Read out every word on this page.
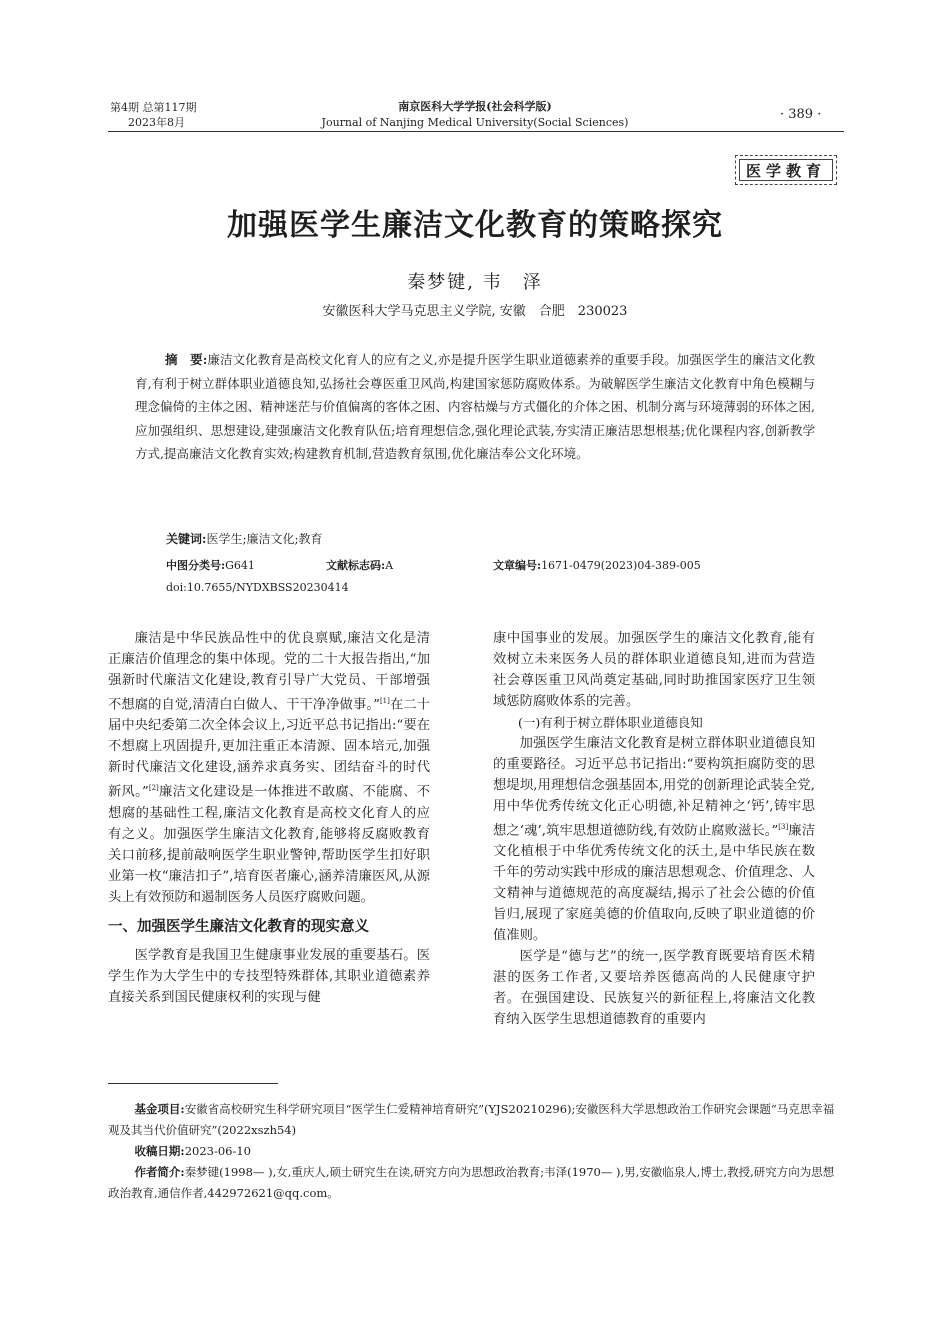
第4期 总第117期
2023年8月
南京医科大学学报(社会科学版)
Journal of Nanjing Medical University(Social Sciences)
· 389 ·
医学教育
加强医学生廉洁文化教育的策略探究
秦梦键, 韦　泽
安徽医科大学马克思主义学院, 安徽　合肥　230023
摘　要:廉洁文化教育是高校文化育人的应有之义,亦是提升医学生职业道德素养的重要手段。加强医学生的廉洁文化教育,有利于树立群体职业道德良知,弘扬社会尊医重卫风尚,构建国家惩防腐败体系。为破解医学生廉洁文化教育中角色模糊与理念偏倚的主体之困、精神迷茫与价值偏离的客体之困、内容枯燥与方式僵化的介体之困、机制分离与环境薄弱的环体之困,应加强组织、思想建设,建强廉洁文化教育队伍;培育理想信念,强化理论武装,夯实清正廉洁思想根基;优化课程内容,创新教学方式,提高廉洁文化教育实效;构建教育机制,营造教育氛围,优化廉洁奉公文化环境。
关键词:医学生;廉洁文化;教育
中图分类号:G641	文献标志码:A	文章编号:1671-0479(2023)04-389-005
doi:10.7655/NYDXBSS20230414

廉洁是中华民族品性中的优良禀赋,廉洁文化是清正廉洁价值理念的集中体现。党的二十大报告指出,“加强新时代廉洁文化建设,教育引导广大党员、干部增强不想腐的自觉,清清白白做人、干干净净做事。”[1]在二十届中央纪委第二次全体会议上,习近平总书记指出:“要在不想腐上巩固提升,更加注重正本清源、固本培元,加强新时代廉洁文化建设,涵养求真务实、团结奋斗的时代新风。”[2]廉洁文化建设是一体推进不敢腐、不能腐、不想腐的基础性工程,廉洁文化教育是高校文化育人的应有之义。加强医学生廉洁文化教育,能够将反腐败教育关口前移,提前敲响医学生职业警钟,帮助医学生扣好职业第一枚“廉洁扣子”,培育医者廉心,涵养清廉医风,从源头上有效预防和遏制医务人员医疗腐败问题。

一、加强医学生廉洁文化教育的现实意义

医学教育是我国卫生健康事业发展的重要基石。医学生作为大学生中的专技型特殊群体,其职业道德素养直接关系到国民健康权利的实现与健

康中国事业的发展。加强医学生的廉洁文化教育,能有效树立未来医务人员的群体职业道德良知,进而为营造社会尊医重卫风尚奠定基础,同时助推国家医疗卫生领域惩防腐败体系的完善。

(一)有利于树立群体职业道德良知

加强医学生廉洁文化教育是树立群体职业道德良知的重要路径。习近平总书记指出:“要构筑拒腐防变的思想堤坝,用理想信念强基固本,用党的创新理论武装全党,用中华优秀传统文化正心明德,补足精神之‘钙’,铸牢思想之‘魂’,筑牢思想道德防线,有效防止腐败滋长。”[3]廉洁文化植根于中华优秀传统文化的沃土,是中华民族在数千年的劳动实践中形成的廉洁思想观念、价值理念、人文精神与道德规范的高度凝结,揭示了社会公德的价值旨归,展现了家庭美德的价值取向,反映了职业道德的价值准则。

医学是“德与艺”的统一,医学教育既要培育医术精湛的医务工作者,又要培养医德高尚的人民健康守护者。在强国建设、民族复兴的新征程上,将廉洁文化教育纳入医学生思想道德教育的重要内

基金项目:安徽省高校研究生科学研究项目“医学生仁爱精神培育研究”(YJS20210296);安徽医科大学思想政治工作研究会课题“马克思幸福观及其当代价值研究”(2022xszh54)

收稿日期:2023-06-10

作者简介:秦梦键(1998— ),女,重庆人,硕士研究生在读,研究方向为思想政治教育;韦泽(1970— ),男,安徽临泉人,博士,教授,研究方向为思想政治教育,通信作者,442972621@qq.com。
